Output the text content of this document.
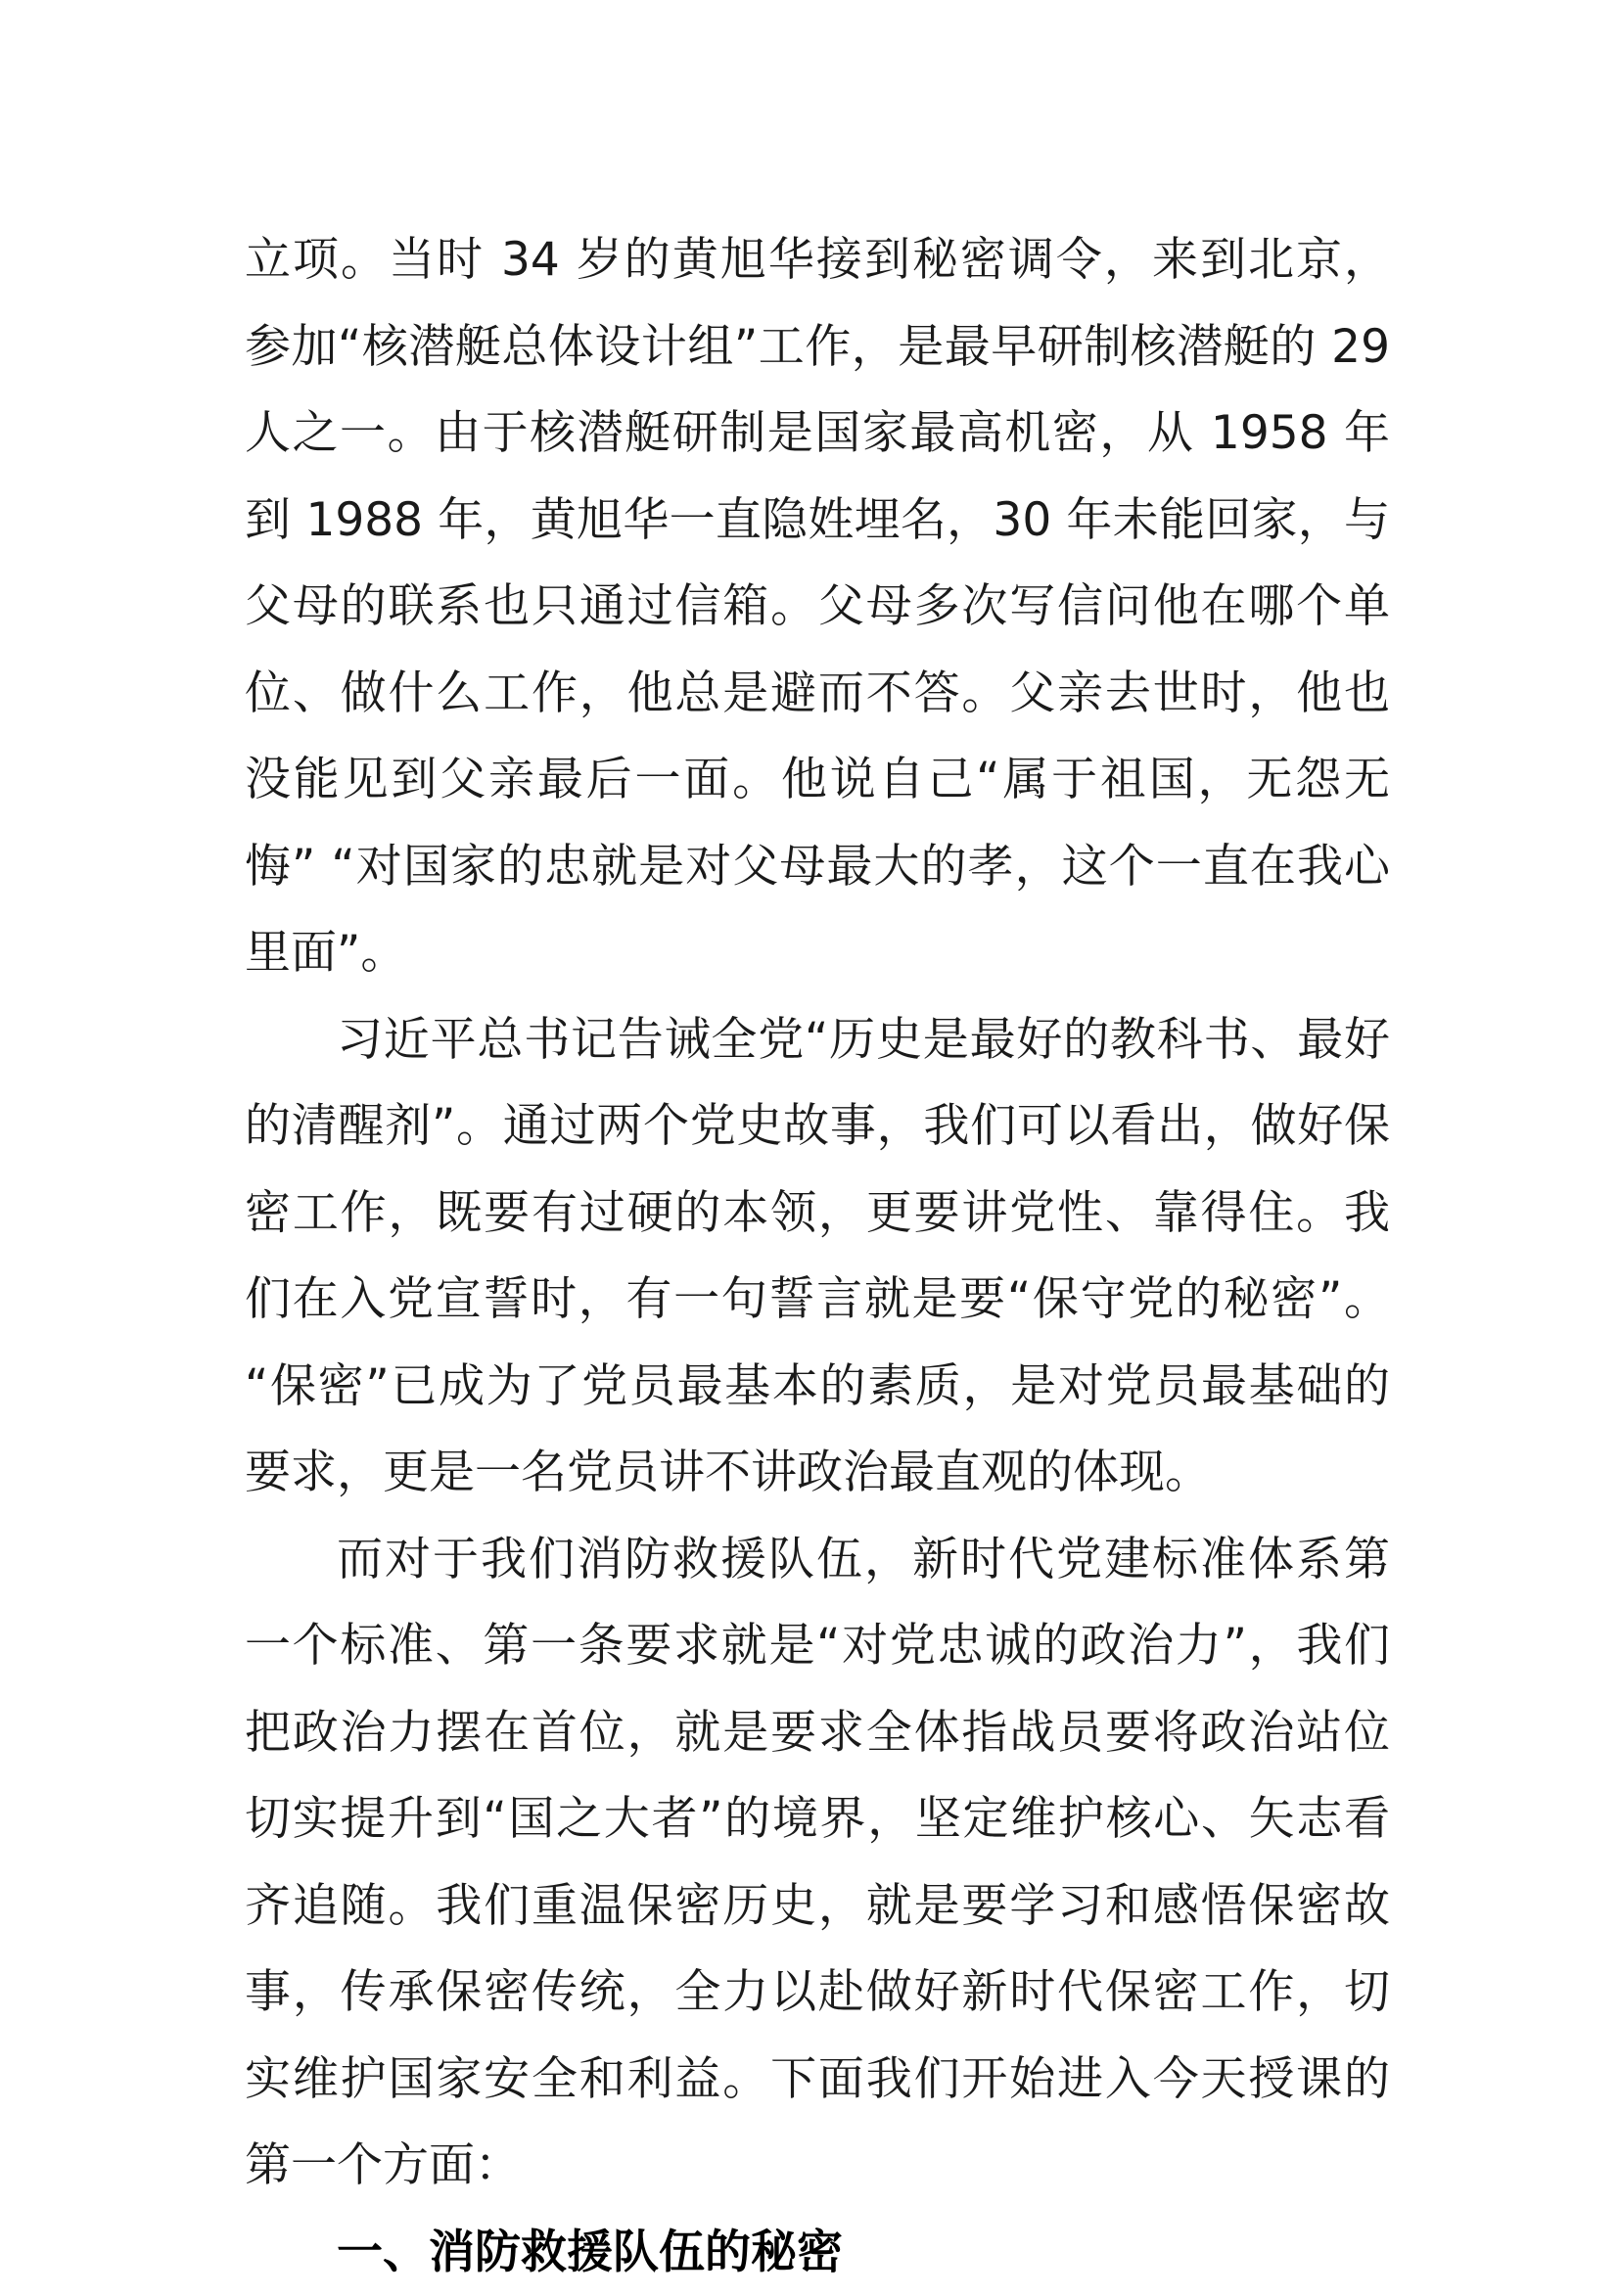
立项。当时 34 岁的黄旭华接到秘密调令，来到北京，参加“核潜艇总体设计组”工作，是最早研制核潜艇的 29 人之一。由于核潜艇研制是国家最高机密，从 1958 年到 1988 年，黄旭华一直隐姓埋名，30 年未能回家，与父母的联系也只通过信箱。父母多次写信问他在哪个单位、做什么工作，他总是避而不答。父亲去世时，他也没能见到父亲最后一面。他说自己“属于祖国，无怨无悔” “对国家的忠就是对父母最大的孝，这个一直在我心里面”。

习近平总书记告诫全党“历史是最好的教科书、最好的清醒剂”。通过两个党史故事，我们可以看出，做好保密工作，既要有过硬的本领，更要讲党性、靠得住。我们在入党宣誓时，有一句誓言就是要“保守党的秘密”。 “保密”已成为了党员最基本的素质，是对党员最基础的要求，更是一名党员讲不讲政治最直观的体现。

而对于我们消防救援队伍，新时代党建标准体系第一个标准、第一条要求就是“对党忠诚的政治力”，我们把政治力摆在首位，就是要求全体指战员要将政治站位切实提升到“国之大者”的境界，坚定维护核心、矢志看齐追随。我们重温保密历史，就是要学习和感悟保密故事，传承保密传统，全力以赴做好新时代保密工作，切实维护国家安全和利益。下面我们开始进入今天授课的第一个方面：

一、消防救援队伍的秘密
